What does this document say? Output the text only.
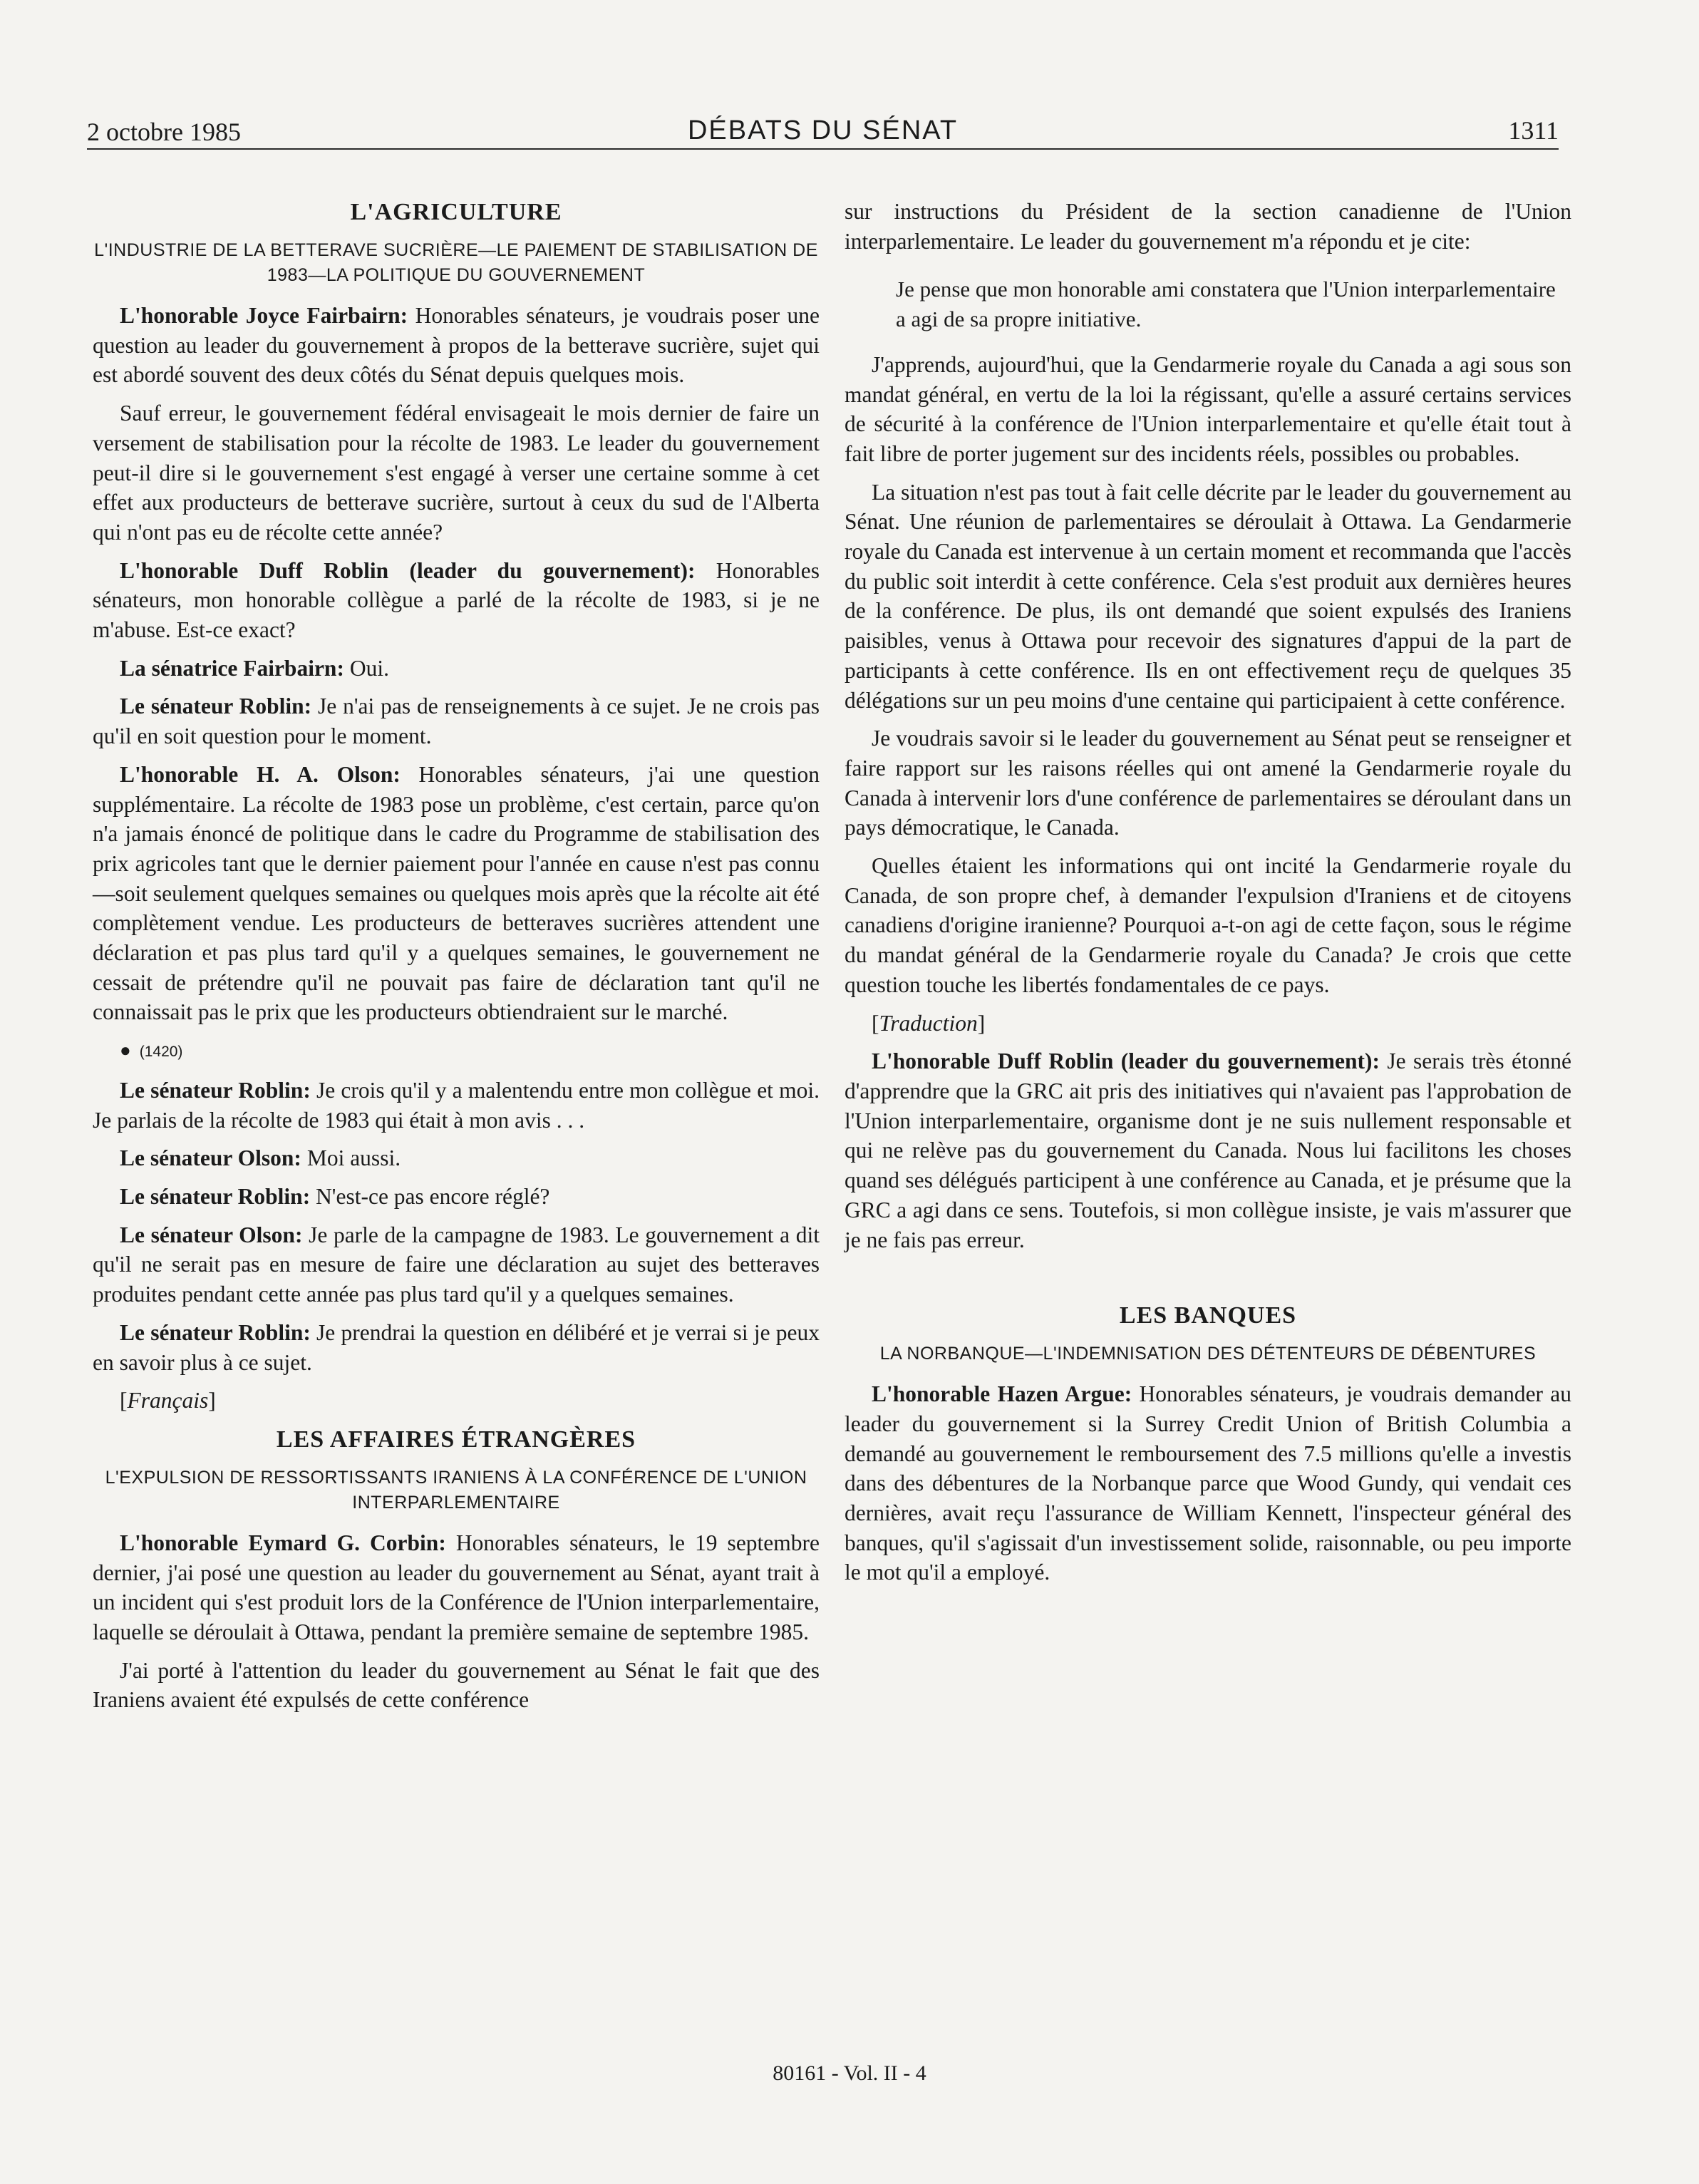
2 octobre 1985	DÉBATS DU SÉNAT	1311
L'AGRICULTURE
L'INDUSTRIE DE LA BETTERAVE SUCRIÈRE—LE PAIEMENT DE STABILISATION DE 1983—LA POLITIQUE DU GOUVERNEMENT

L'honorable Joyce Fairbairn: Honorables sénateurs, je voudrais poser une question au leader du gouvernement à propos de la betterave sucrière, sujet qui est abordé souvent des deux côtés du Sénat depuis quelques mois.

Sauf erreur, le gouvernement fédéral envisageait le mois dernier de faire un versement de stabilisation pour la récolte de 1983. Le leader du gouvernement peut-il dire si le gouvernement s'est engagé à verser une certaine somme à cet effet aux producteurs de betterave sucrière, surtout à ceux du sud de l'Alberta qui n'ont pas eu de récolte cette année?

L'honorable Duff Roblin (leader du gouvernement): Honorables sénateurs, mon honorable collègue a parlé de la récolte de 1983, si je ne m'abuse. Est-ce exact?

La sénatrice Fairbairn: Oui.

Le sénateur Roblin: Je n'ai pas de renseignements à ce sujet. Je ne crois pas qu'il en soit question pour le moment.

L'honorable H. A. Olson: Honorables sénateurs, j'ai une question supplémentaire. La récolte de 1983 pose un problème, c'est certain, parce qu'on n'a jamais énoncé de politique dans le cadre du Programme de stabilisation des prix agricoles tant que le dernier paiement pour l'année en cause n'est pas connu—soit seulement quelques semaines ou quelques mois après que la récolte ait été complètement vendue. Les producteurs de betteraves sucrières attendent une déclaration et pas plus tard qu'il y a quelques semaines, le gouvernement ne cessait de prétendre qu'il ne pouvait pas faire de déclaration tant qu'il ne connaissait pas le prix que les producteurs obtiendraient sur le marché.

● (1420)

Le sénateur Roblin: Je crois qu'il y a malentendu entre mon collègue et moi. Je parlais de la récolte de 1983 qui était à mon avis . . .

Le sénateur Olson: Moi aussi.

Le sénateur Roblin: N'est-ce pas encore réglé?

Le sénateur Olson: Je parle de la campagne de 1983. Le gouvernement a dit qu'il ne serait pas en mesure de faire une déclaration au sujet des betteraves produites pendant cette année pas plus tard qu'il y a quelques semaines.

Le sénateur Roblin: Je prendrai la question en délibéré et je verrai si je peux en savoir plus à ce sujet.

[Français]

LES AFFAIRES ÉTRANGÈRES
L'EXPULSION DE RESSORTISSANTS IRANIENS À LA CONFÉRENCE DE L'UNION INTERPARLEMENTAIRE

L'honorable Eymard G. Corbin: Honorables sénateurs, le 19 septembre dernier, j'ai posé une question au leader du gouvernement au Sénat, ayant trait à un incident qui s'est produit lors de la Conférence de l'Union interparlementaire, laquelle se déroulait à Ottawa, pendant la première semaine de septembre 1985.

J'ai porté à l'attention du leader du gouvernement au Sénat le fait que des Iraniens avaient été expulsés de cette conférence

sur instructions du Président de la section canadienne de l'Union interparlementaire. Le leader du gouvernement m'a répondu et je cite:

Je pense que mon honorable ami constatera que l'Union interparlementaire a agi de sa propre initiative.

J'apprends, aujourd'hui, que la Gendarmerie royale du Canada a agi sous son mandat général, en vertu de la loi la régissant, qu'elle a assuré certains services de sécurité à la conférence de l'Union interparlementaire et qu'elle était tout à fait libre de porter jugement sur des incidents réels, possibles ou probables.

La situation n'est pas tout à fait celle décrite par le leader du gouvernement au Sénat. Une réunion de parlementaires se déroulait à Ottawa. La Gendarmerie royale du Canada est intervenue à un certain moment et recommanda que l'accès du public soit interdit à cette conférence. Cela s'est produit aux dernières heures de la conférence. De plus, ils ont demandé que soient expulsés des Iraniens paisibles, venus à Ottawa pour recevoir des signatures d'appui de la part de participants à cette conférence. Ils en ont effectivement reçu de quelques 35 délégations sur un peu moins d'une centaine qui participaient à cette conférence.

Je voudrais savoir si le leader du gouvernement au Sénat peut se renseigner et faire rapport sur les raisons réelles qui ont amené la Gendarmerie royale du Canada à intervenir lors d'une conférence de parlementaires se déroulant dans un pays démocratique, le Canada.

Quelles étaient les informations qui ont incité la Gendarmerie royale du Canada, de son propre chef, à demander l'expulsion d'Iraniens et de citoyens canadiens d'origine iranienne? Pourquoi a-t-on agi de cette façon, sous le régime du mandat général de la Gendarmerie royale du Canada? Je crois que cette question touche les libertés fondamentales de ce pays.

[Traduction]

L'honorable Duff Roblin (leader du gouvernement): Je serais très étonné d'apprendre que la GRC ait pris des initiatives qui n'avaient pas l'approbation de l'Union interparlementaire, organisme dont je ne suis nullement responsable et qui ne relève pas du gouvernement du Canada. Nous lui facilitons les choses quand ses délégués participent à une conférence au Canada, et je présume que la GRC a agi dans ce sens. Toutefois, si mon collègue insiste, je vais m'assurer que je ne fais pas erreur.

LES BANQUES
LA NORBANQUE—L'INDEMNISATION DES DÉTENTEURS DE DÉBENTURES

L'honorable Hazen Argue: Honorables sénateurs, je voudrais demander au leader du gouvernement si la Surrey Credit Union of British Columbia a demandé au gouvernement le remboursement des 7.5 millions qu'elle a investis dans des débentures de la Norbanque parce que Wood Gundy, qui vendait ces dernières, avait reçu l'assurance de William Kennett, l'inspecteur général des banques, qu'il s'agissait d'un investissement solide, raisonnable, ou peu importe le mot qu'il a employé.

80161 - Vol. II - 4
